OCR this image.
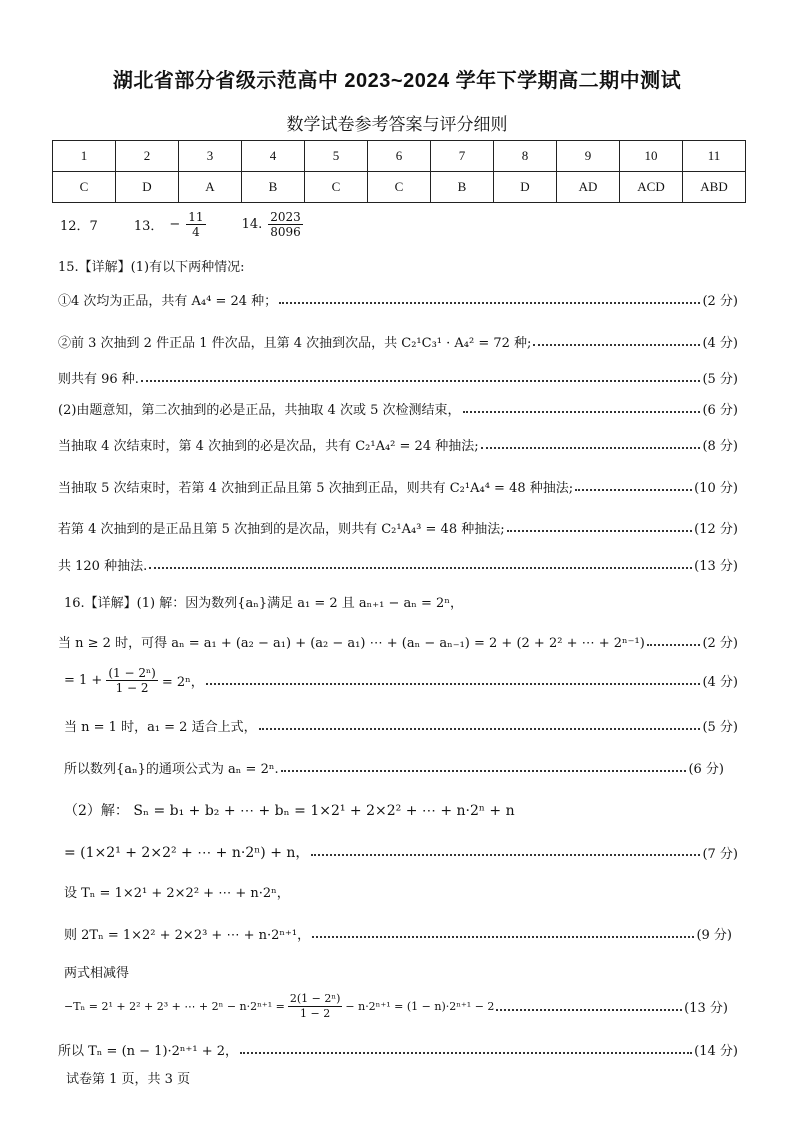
湖北省部分省级示范高中 2023~2024 学年下学期高二期中测试
数学试卷参考答案与评分细则
1	2	3	4	5	6	7	8	9	10	11
C	D	A	B	C	C	B	D	AD	ACD	ABD
12．7	13． − $\frac{11}{4}$	14. $\frac{2023}{8096}$
15.【详解】(1)有以下两种情况:
①4 次均为正品，共有 A₄⁴ = 24 种；	(2 分)
②前 3 次抽到 2 件正品 1 件次品，且第 4 次抽到次品，共 C₂¹C₃¹ · A₄² = 72 种;	(4 分)
则共有 96 种.	(5 分)
(2)由题意知，第二次抽到的必是正品，共抽取 4 次或 5 次检测结束，	(6 分)
当抽取 4 次结束时，第 4 次抽到的必是次品，共有 C₂¹A₄² = 24 种抽法;	(8 分)
当抽取 5 次结束时，若第 4 次抽到正品且第 5 次抽到正品，则共有 C₂¹A₄⁴ = 48 种抽法;	(10 分)
若第 4 次抽到的是正品且第 5 次抽到的是次品，则共有 C₂¹A₄³ = 48 种抽法;	(12 分)
共 120 种抽法.	(13 分)
16.【详解】(1) 解：因为数列{aₙ}满足 a₁ = 2 且 aₙ₊₁ − aₙ = 2ⁿ，
当 n ≥ 2 时，可得 aₙ = a₁ + (a₂ − a₁) + (a₂ − a₁) ⋯ + (aₙ − aₙ₋₁) = 2 + (2 + 2² + ⋯ + 2ⁿ⁻¹)	(2 分)
= $1 + \frac{\text{(1 − 2ⁿ)}}{1 - 2} = 2^n$，	(4 分)
当 n = 1 时，a₁ = 2 适合上式，	(5 分)
所以数列{aₙ}的通项公式为 aₙ = 2ⁿ.	(6 分)
（2）解： Sₙ = b₁ + b₂ + ⋯ + bₙ = 1×2¹ + 2×2² + ⋯ + n·2ⁿ + n
= (1×2¹ + 2×2² + ⋯ + n·2ⁿ) + n，	(7 分)
设 Tₙ = 1×2¹ + 2×2² + ⋯ + n·2ⁿ，
则 2Tₙ = 1×2² + 2×2³ + ⋯ + n·2ⁿ⁺¹，	(9 分)
两式相减得
−Tₙ = 2¹ + 2² + 2³ + ⋯ + $2^n - n\cdot 2^{n+1} = \frac{\text{2(1 − 2ⁿ)}}{1 - 2} - n\cdot 2^{n+1} = (1 - n)\cdot 2^{n+1} - 2$	(13 分)
所以 Tₙ = (n − 1)·2ⁿ⁺¹ + 2，	(14 分)
试卷第 1 页，共 3 页
